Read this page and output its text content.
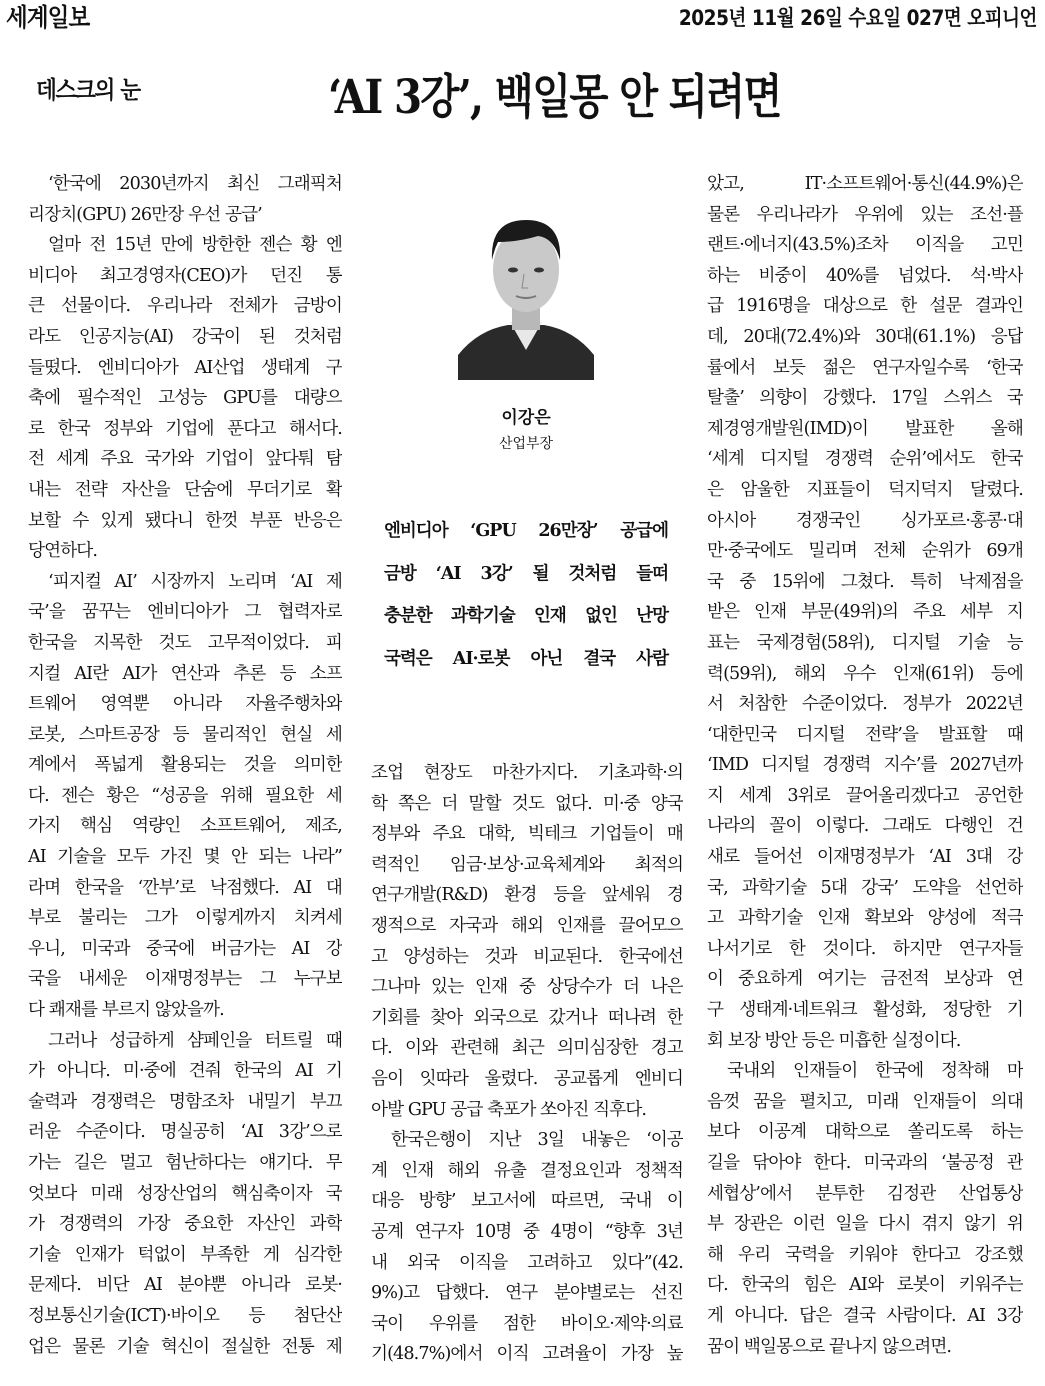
세계일보	2025년 11월 26일 수요일 027면 오피니언
데스크의 눈	‘AI 3강’, 백일몽 안 되려면
‘한국에 2030년까지 최신 그래픽처
리장치(GPU) 26만장 우선 공급’
얼마 전 15년 만에 방한한 젠슨 황 엔
비디아 최고경영자(CEO)가 던진 통
큰 선물이다. 우리나라 전체가 금방이
라도 인공지능(AI) 강국이 된 것처럼
들떴다. 엔비디아가 AI산업 생태계 구
축에 필수적인 고성능 GPU를 대량으
로 한국 정부와 기업에 푼다고 해서다.
전 세계 주요 국가와 기업이 앞다퉈 탐
내는 전략 자산을 단숨에 무더기로 확
보할 수 있게 됐다니 한껏 부푼 반응은
당연하다.
‘피지컬 AI’ 시장까지 노리며 ‘AI 제
국’을 꿈꾸는 엔비디아가 그 협력자로
한국을 지목한 것도 고무적이었다. 피
지컬 AI란 AI가 연산과 추론 등 소프
트웨어 영역뿐 아니라 자율주행차와
로봇, 스마트공장 등 물리적인 현실 세
계에서 폭넓게 활용되는 것을 의미한
다. 젠슨 황은 “성공을 위해 필요한 세
가지 핵심 역량인 소프트웨어, 제조,
AI 기술을 모두 가진 몇 안 되는 나라”
라며 한국을 ‘깐부’로 낙점했다. AI 대
부로 불리는 그가 이렇게까지 치켜세
우니, 미국과 중국에 버금가는 AI 강
국을 내세운 이재명정부는 그 누구보
다 쾌재를 부르지 않았을까.
그러나 성급하게 샴페인을 터트릴 때
가 아니다. 미·중에 견줘 한국의 AI 기
술력과 경쟁력은 명함조차 내밀기 부끄
러운 수준이다. 명실공히 ‘AI 3강’으로
가는 길은 멀고 험난하다는 얘기다. 무
엇보다 미래 성장산업의 핵심축이자 국
가 경쟁력의 가장 중요한 자산인 과학
기술 인재가 턱없이 부족한 게 심각한
문제다. 비단 AI 분야뿐 아니라 로봇·
정보통신기술(ICT)·바이오 등 첨단산
업은 물론 기술 혁신이 절실한 전통 제
조업 현장도 마찬가지다. 기초과학·의
학 쪽은 더 말할 것도 없다. 미·중 양국
정부와 주요 대학, 빅테크 기업들이 매
력적인 임금·보상·교육체계와 최적의
연구개발(R&D) 환경 등을 앞세워 경
쟁적으로 자국과 해외 인재를 끌어모으
고 양성하는 것과 비교된다. 한국에선
그나마 있는 인재 중 상당수가 더 나은
기회를 찾아 외국으로 갔거나 떠나려 한
다. 이와 관련해 최근 의미심장한 경고
음이 잇따라 울렸다. 공교롭게 엔비디
아발 GPU 공급 축포가 쏘아진 직후다.
한국은행이 지난 3일 내놓은 ‘이공
계 인재 해외 유출 결정요인과 정책적
대응 방향’ 보고서에 따르면, 국내 이
공계 연구자 10명 중 4명이 “향후 3년
내 외국 이직을 고려하고 있다”(42.
9%)고 답했다. 연구 분야별로는 선진
국이 우위를 점한 바이오·제약·의료
기(48.7%)에서 이직 고려율이 가장 높
았고, IT·소프트웨어·통신(44.9%)은
물론 우리나라가 우위에 있는 조선·플
랜트·에너지(43.5%)조차 이직을 고민
하는 비중이 40%를 넘었다. 석·박사
급 1916명을 대상으로 한 설문 결과인
데, 20대(72.4%)와 30대(61.1%) 응답
률에서 보듯 젊은 연구자일수록 ‘한국
탈출’ 의향이 강했다. 17일 스위스 국
제경영개발원(IMD)이 발표한 올해
‘세계 디지털 경쟁력 순위’에서도 한국
은 암울한 지표들이 덕지덕지 달렸다.
아시아 경쟁국인 싱가포르·홍콩·대
만·중국에도 밀리며 전체 순위가 69개
국 중 15위에 그쳤다. 특히 낙제점을
받은 인재 부문(49위)의 주요 세부 지
표는 국제경험(58위), 디지털 기술 능
력(59위), 해외 우수 인재(61위) 등에
서 처참한 수준이었다. 정부가 2022년
‘대한민국 디지털 전략’을 발표할 때
‘IMD 디지털 경쟁력 지수’를 2027년까
지 세계 3위로 끌어올리겠다고 공언한
나라의 꼴이 이렇다. 그래도 다행인 건
새로 들어선 이재명정부가 ‘AI 3대 강
국, 과학기술 5대 강국’ 도약을 선언하
고 과학기술 인재 확보와 양성에 적극
나서기로 한 것이다. 하지만 연구자들
이 중요하게 여기는 금전적 보상과 연
구 생태계·네트워크 활성화, 정당한 기
회 보장 방안 등은 미흡한 실정이다.
국내외 인재들이 한국에 정착해 마
음껏 꿈을 펼치고, 미래 인재들이 의대
보다 이공계 대학으로 쏠리도록 하는
길을 닦아야 한다. 미국과의 ‘불공정 관
세협상’에서 분투한 김정관 산업통상
부 장관은 이런 일을 다시 겪지 않기 위
해 우리 국력을 키워야 한다고 강조했
다. 한국의 힘은 AI와 로봇이 키워주는
게 아니다. 답은 결국 사람이다. AI 3강
꿈이 백일몽으로 끝나지 않으려면.
이강은
산업부장
엔비디아 ‘GPU 26만장’ 공급에
금방 ‘AI 3강’ 될 것처럼 들떠
충분한 과학기술 인재 없인 난망
국력은 AI·로봇 아닌 결국 사람
